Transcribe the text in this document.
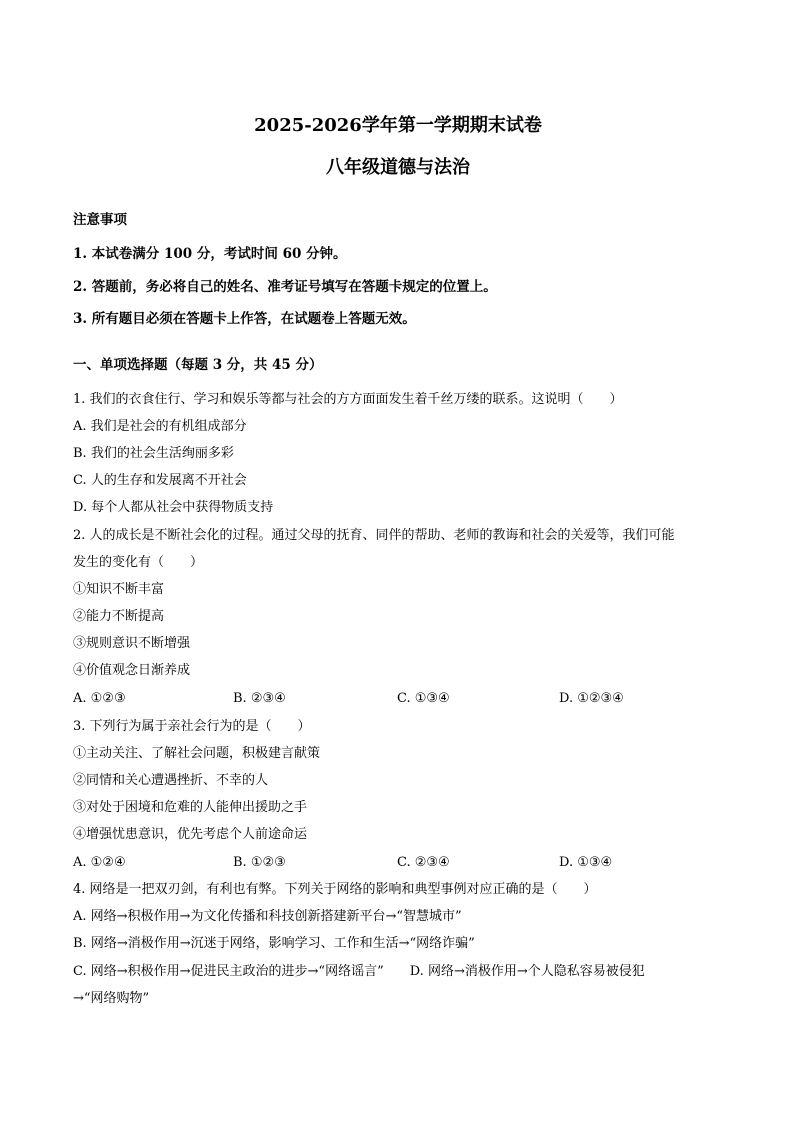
2025-2026学年第一学期期末试卷
八年级道德与法治
注意事项
1. 本试卷满分 100 分，考试时间 60 分钟。
2. 答题前，务必将自己的姓名、准考证号填写在答题卡规定的位置上。
3. 所有题目必须在答题卡上作答，在试题卷上答题无效。
一、单项选择题（每题 3 分，共 45 分）
1. 我们的衣食住行、学习和娱乐等都与社会的方方面面发生着千丝万缕的联系。这说明（　　）
A. 我们是社会的有机组成部分
B. 我们的社会生活绚丽多彩
C. 人的生存和发展离不开社会
D. 每个人都从社会中获得物质支持
2. 人的成长是不断社会化的过程。通过父母的抚育、同伴的帮助、老师的教诲和社会的关爱等，我们可能
发生的变化有（　　）
①知识不断丰富
②能力不断提高
③规则意识不断增强
④价值观念日渐养成
A. ①②③	B. ②③④	C. ①③④	D. ①②③④
3. 下列行为属于亲社会行为的是（　　）
①主动关注、了解社会问题，积极建言献策
②同情和关心遭遇挫折、不幸的人
③对处于困境和危难的人能伸出援助之手
④增强忧患意识，优先考虑个人前途命运
A. ①②④	B. ①②③	C. ②③④	D. ①③④
4. 网络是一把双刃剑，有利也有弊。下列关于网络的影响和典型事例对应正确的是（　　）
A. 网络→积极作用→为文化传播和科技创新搭建新平台→“智慧城市”
B. 网络→消极作用→沉迷于网络，影响学习、工作和生活→“网络诈骗”
C. 网络→积极作用→促进民主政治的进步→“网络谣言”　　D. 网络→消极作用→个人隐私容易被侵犯
→“网络购物”
